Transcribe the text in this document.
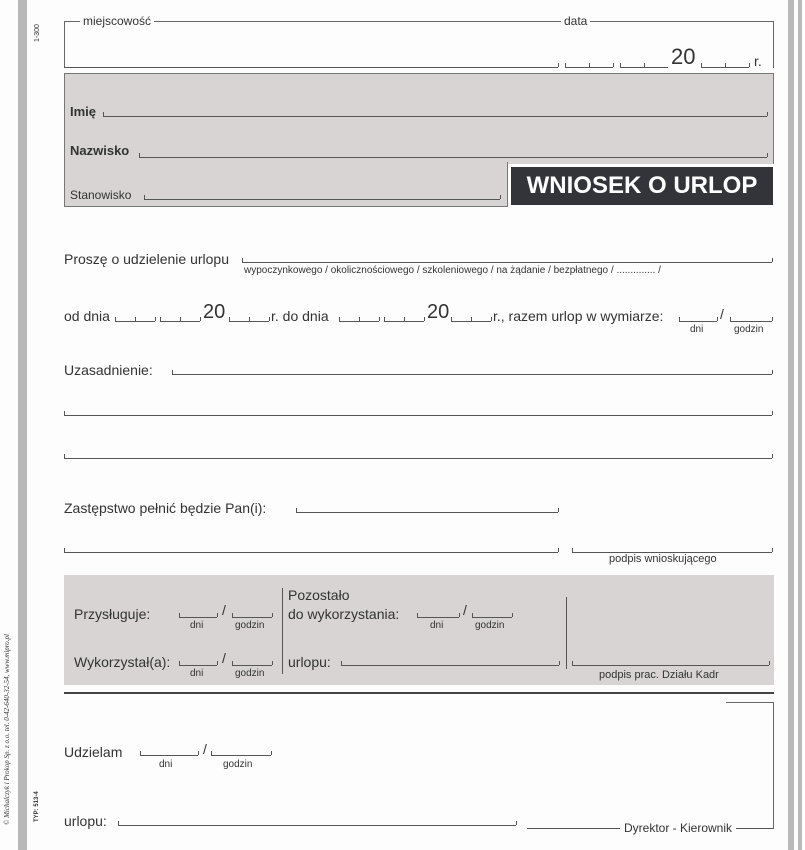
1-300
© Michalczyk i Prokop Sp. z o.o. tel. 0-42-640-32-54, www.mipro.pl	TYP: 513-4
miejscowość	data
20	r.
Imię
Nazwisko
Stanowisko	WNIOSEK O URLOP
Proszę o udzielenie urlopu
wypoczynkowego / okolicznościowego / szkoleniowego / na żądanie / bezpłatnego / .............. /
od dnia	20	r. do dnia	20	r., razem urlop w wymiarze:	/
dni	godzin
Uzasadnienie:
Zastępstwo pełnić będzie Pan(i):
podpis wnioskującego
Przysługuje:	/
dni	godzin
Wykorzystał(a):	/
dni	godzin
Pozostało
do wykorzystania:	/
dni	godzin
urlopu:
podpis prac. Działu Kadr
Udzielam	/
dni	godzin
urlopu:	Dyrektor - Kierownik
